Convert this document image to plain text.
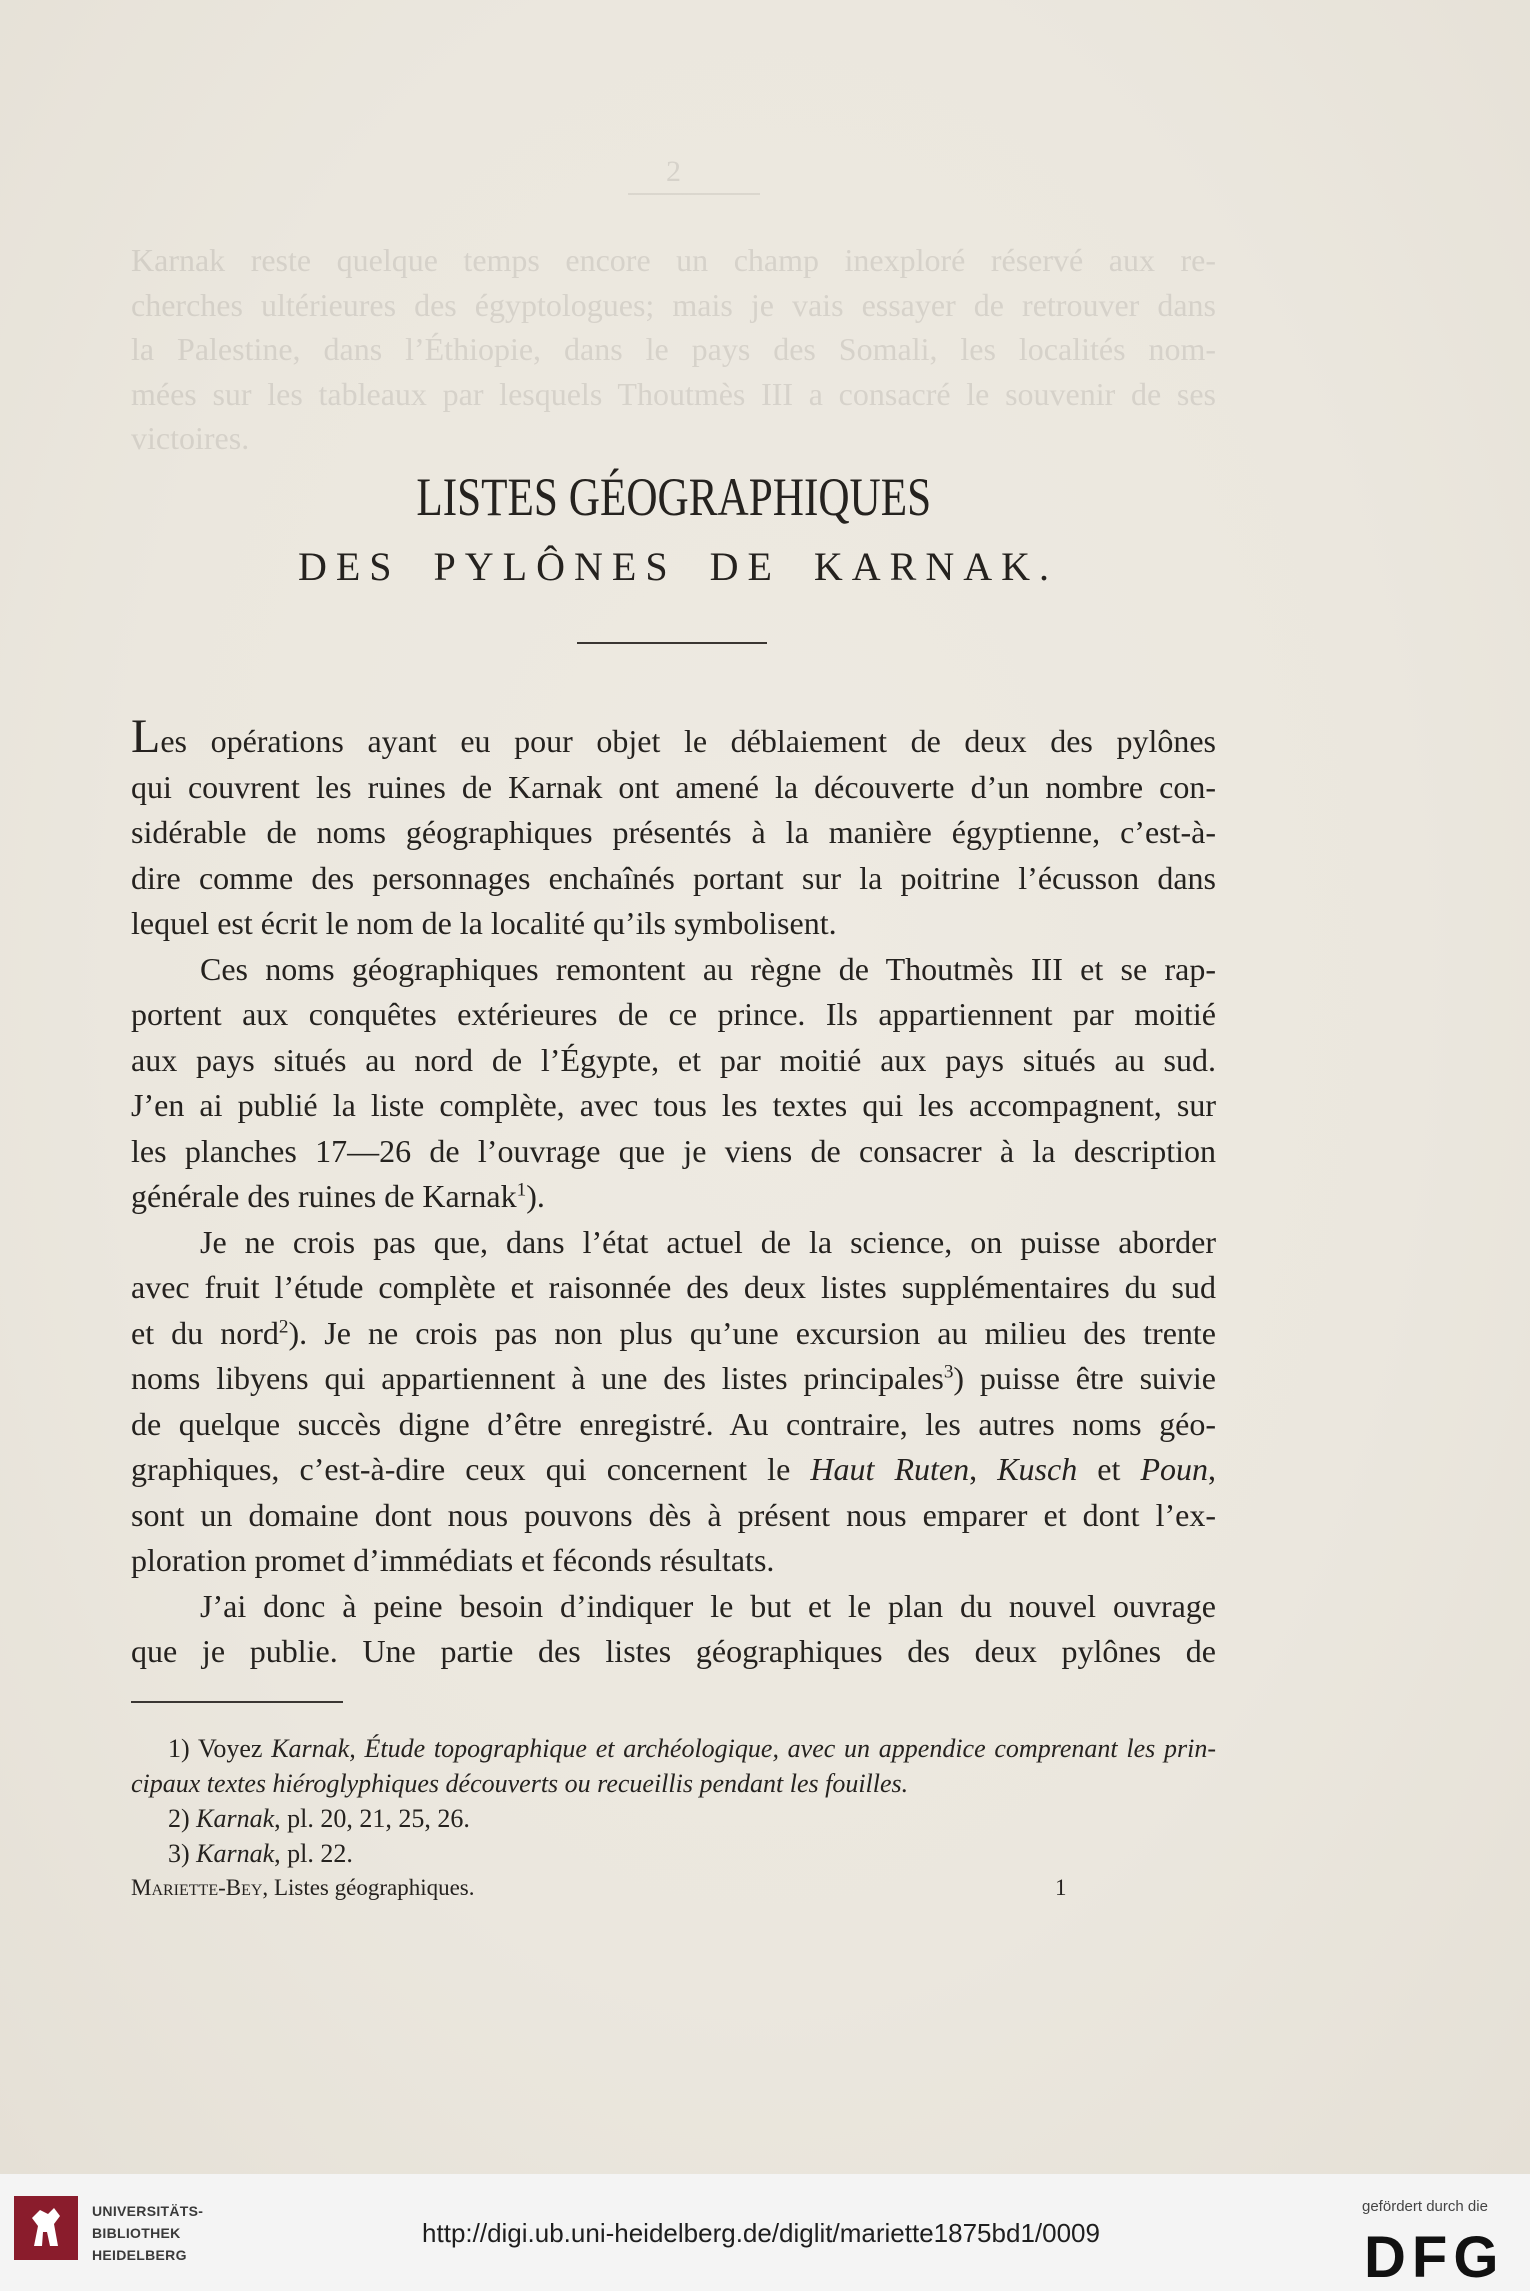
2
Karnak reste quelque temps encore un champ inexploré réservé aux re-
cherches ultérieures des égyptologues; mais je vais essayer de retrouver dans
la Palestine, dans l’Éthiopie, dans le pays des Somali, les localités nom-
mées sur les tableaux par lesquels Thoutmès III a consacré le souvenir de ses
victoires.
LISTES GÉOGRAPHIQUES
DES PYLÔNES DE KARNAK.
Les opérations ayant eu pour objet le déblaiement de deux des pylônes
qui couvrent les ruines de Karnak ont amené la découverte d’un nombre con-
sidérable de noms géographiques présentés à la manière égyptienne, c’est-à-
dire comme des personnages enchaînés portant sur la poitrine l’écusson dans
lequel est écrit le nom de la localité qu’ils symbolisent.
Ces noms géographiques remontent au règne de Thoutmès III et se rap-
portent aux conquêtes extérieures de ce prince. Ils appartiennent par moitié
aux pays situés au nord de l’Égypte, et par moitié aux pays situés au sud.
J’en ai publié la liste complète, avec tous les textes qui les accompagnent, sur
les planches 17—26 de l’ouvrage que je viens de consacrer à la description
générale des ruines de Karnak$^1$).
Je ne crois pas que, dans l’état actuel de la science, on puisse aborder
avec fruit l’étude complète et raisonnée des deux listes supplémentaires du sud
et du nord$^2$). Je ne crois pas non plus qu’une excursion au milieu des trente
noms libyens qui appartiennent à une des listes principales$^3$) puisse être suivie
de quelque succès digne d’être enregistré. Au contraire, les autres noms géo-
graphiques, c’est-à-dire ceux qui concernent le Haut Ruten, Kusch et Poun,
sont un domaine dont nous pouvons dès à présent nous emparer et dont l’ex-
ploration promet d’immédiats et féconds résultats.
J’ai donc à peine besoin d’indiquer le but et le plan du nouvel ouvrage
que je publie. Une partie des listes géographiques des deux pylônes de
1) Voyez Karnak, Étude topographique et archéologique, avec un appendice comprenant les prin-
cipaux textes hiéroglyphiques découverts ou recueillis pendant les fouilles.
2) Karnak, pl. 20, 21, 25, 26.
3) Karnak, pl. 22.
Mariette-Bey, Listes géographiques.	1
UNIVERSITÄTS-
BIBLIOTHEK
HEIDELBERG
http://digi.ub.uni-heidelberg.de/diglit/mariette1875bd1/0009
gefördert durch die
DFG
